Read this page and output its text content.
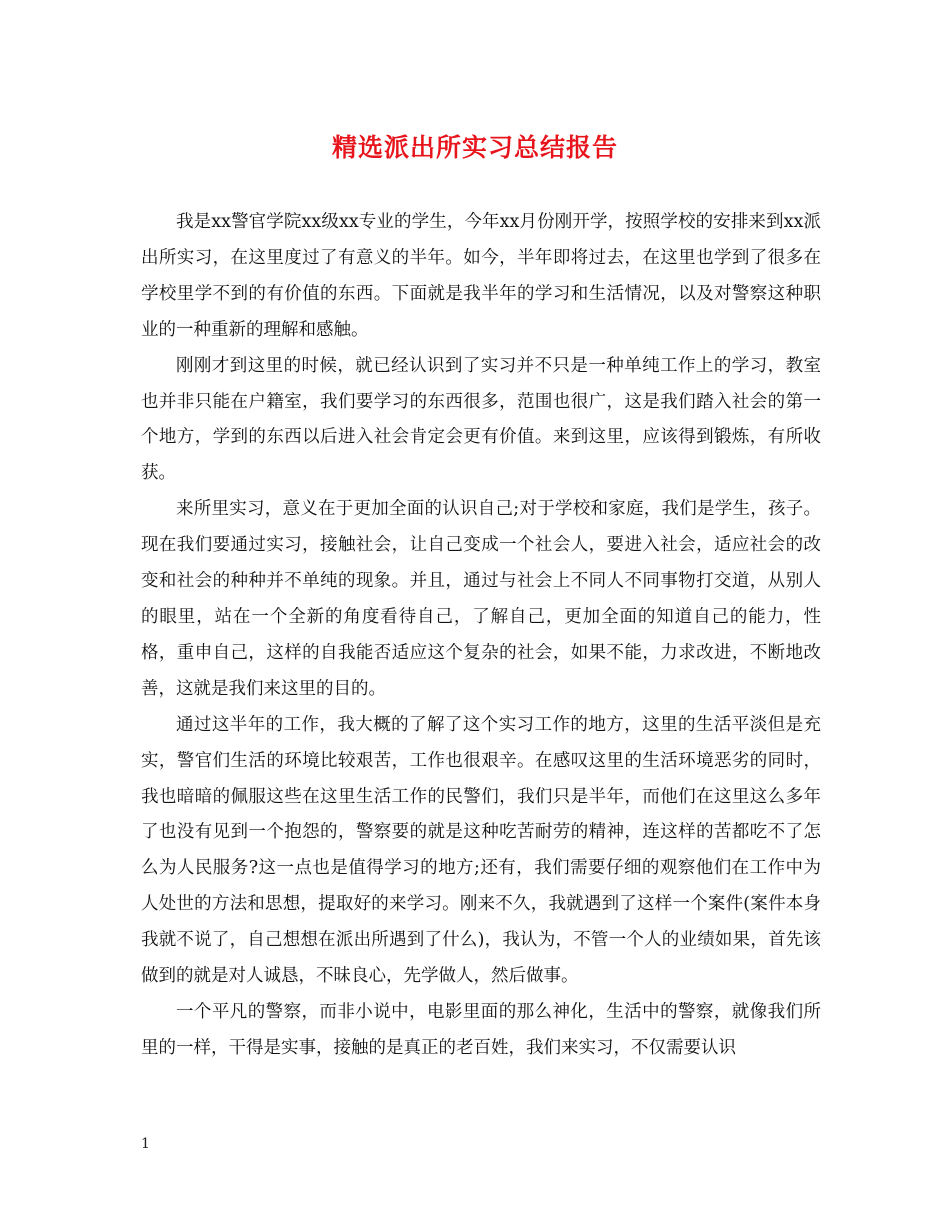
精选派出所实习总结报告

我是xx警官学院xx级xx专业的学生，今年xx月份刚开学，按照学校的安排来到xx派出所实习，在这里度过了有意义的半年。如今，半年即将过去，在这里也学到了很多在学校里学不到的有价值的东西。下面就是我半年的学习和生活情况，以及对警察这种职业的一种重新的理解和感触。

刚刚才到这里的时候，就已经认识到了实习并不只是一种单纯工作上的学习，教室也并非只能在户籍室，我们要学习的东西很多，范围也很广，这是我们踏入社会的第一个地方，学到的东西以后进入社会肯定会更有价值。来到这里，应该得到锻炼，有所收获。

来所里实习，意义在于更加全面的认识自己;对于学校和家庭，我们是学生，孩子。现在我们要通过实习，接触社会，让自己变成一个社会人，要进入社会，适应社会的改变和社会的种种并不单纯的现象。并且，通过与社会上不同人不同事物打交道，从别人的眼里，站在一个全新的角度看待自己，了解自己，更加全面的知道自己的能力，性格，重申自己，这样的自我能否适应这个复杂的社会，如果不能，力求改进，不断地改善，这就是我们来这里的目的。

通过这半年的工作，我大概的了解了这个实习工作的地方，这里的生活平淡但是充实，警官们生活的环境比较艰苦，工作也很艰辛。在感叹这里的生活环境恶劣的同时，我也暗暗的佩服这些在这里生活工作的民警们，我们只是半年，而他们在这里这么多年了也没有见到一个抱怨的，警察要的就是这种吃苦耐劳的精神，连这样的苦都吃不了怎么为人民服务?这一点也是值得学习的地方;还有，我们需要仔细的观察他们在工作中为人处世的方法和思想，提取好的来学习。刚来不久，我就遇到了这样一个案件(案件本身我就不说了，自己想想在派出所遇到了什么)，我认为，不管一个人的业绩如果，首先该做到的就是对人诚恳，不昧良心，先学做人，然后做事。

一个平凡的警察，而非小说中，电影里面的那么神化，生活中的警察，就像我们所里的一样，干得是实事，接触的是真正的老百姓，我们来实习，不仅需要认识

1
